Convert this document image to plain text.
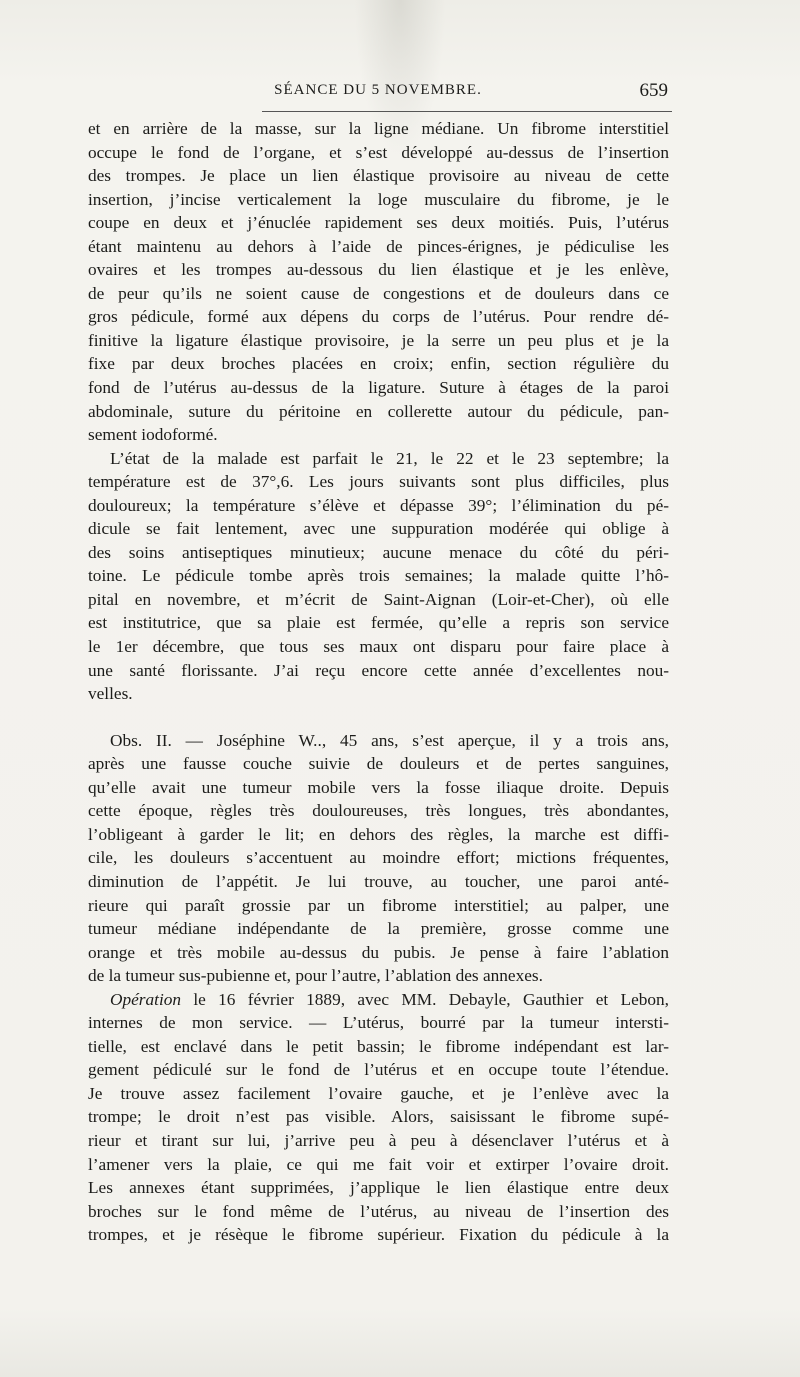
SÉANCE DU 5 NOVEMBRE.	659

et en arrière de la masse, sur la ligne médiane. Un fibrome interstitiel
occupe le fond de l’organe, et s’est développé au-dessus de l’insertion
des trompes. Je place un lien élastique provisoire au niveau de cette
insertion, j’incise verticalement la loge musculaire du fibrome, je le
coupe en deux et j’énuclée rapidement ses deux moitiés. Puis, l’utérus
étant maintenu au dehors à l’aide de pinces-érignes, je pédiculise les
ovaires et les trompes au-dessous du lien élastique et je les enlève,
de peur qu’ils ne soient cause de congestions et de douleurs dans ce
gros pédicule, formé aux dépens du corps de l’utérus. Pour rendre dé-
finitive la ligature élastique provisoire, je la serre un peu plus et je la
fixe par deux broches placées en croix; enfin, section régulière du
fond de l’utérus au-dessus de la ligature. Suture à étages de la paroi
abdominale, suture du péritoine en collerette autour du pédicule, pan-
sement iodoformé.

L’état de la malade est parfait le 21, le 22 et le 23 septembre; la
température est de 37°,6. Les jours suivants sont plus difficiles, plus
douloureux; la température s’élève et dépasse 39°; l’élimination du pé-
dicule se fait lentement, avec une suppuration modérée qui oblige à
des soins antiseptiques minutieux; aucune menace du côté du péri-
toine. Le pédicule tombe après trois semaines; la malade quitte l’hô-
pital en novembre, et m’écrit de Saint-Aignan (Loir-et-Cher), où elle
est institutrice, que sa plaie est fermée, qu’elle a repris son service
le 1er décembre, que tous ses maux ont disparu pour faire place à
une santé florissante. J’ai reçu encore cette année d’excellentes nou-
velles.

Obs. II. — Joséphine W.., 45 ans, s’est aperçue, il y a trois ans,
après une fausse couche suivie de douleurs et de pertes sanguines,
qu’elle avait une tumeur mobile vers la fosse iliaque droite. Depuis
cette époque, règles très douloureuses, très longues, très abondantes,
l’obligeant à garder le lit; en dehors des règles, la marche est diffi-
cile, les douleurs s’accentuent au moindre effort; mictions fréquentes,
diminution de l’appétit. Je lui trouve, au toucher, une paroi anté-
rieure qui paraît grossie par un fibrome interstitiel; au palper, une
tumeur médiane indépendante de la première, grosse comme une
orange et très mobile au-dessus du pubis. Je pense à faire l’ablation
de la tumeur sus-pubienne et, pour l’autre, l’ablation des annexes.

Opération le 16 février 1889, avec MM. Debayle, Gauthier et Lebon,
internes de mon service. — L’utérus, bourré par la tumeur intersti-
tielle, est enclavé dans le petit bassin; le fibrome indépendant est lar-
gement pédiculé sur le fond de l’utérus et en occupe toute l’étendue.
Je trouve assez facilement l’ovaire gauche, et je l’enlève avec la
trompe; le droit n’est pas visible. Alors, saisissant le fibrome supé-
rieur et tirant sur lui, j’arrive peu à peu à désenclaver l’utérus et à
l’amener vers la plaie, ce qui me fait voir et extirper l’ovaire droit.
Les annexes étant supprimées, j’applique le lien élastique entre deux
broches sur le fond même de l’utérus, au niveau de l’insertion des
trompes, et je résèque le fibrome supérieur. Fixation du pédicule à la
